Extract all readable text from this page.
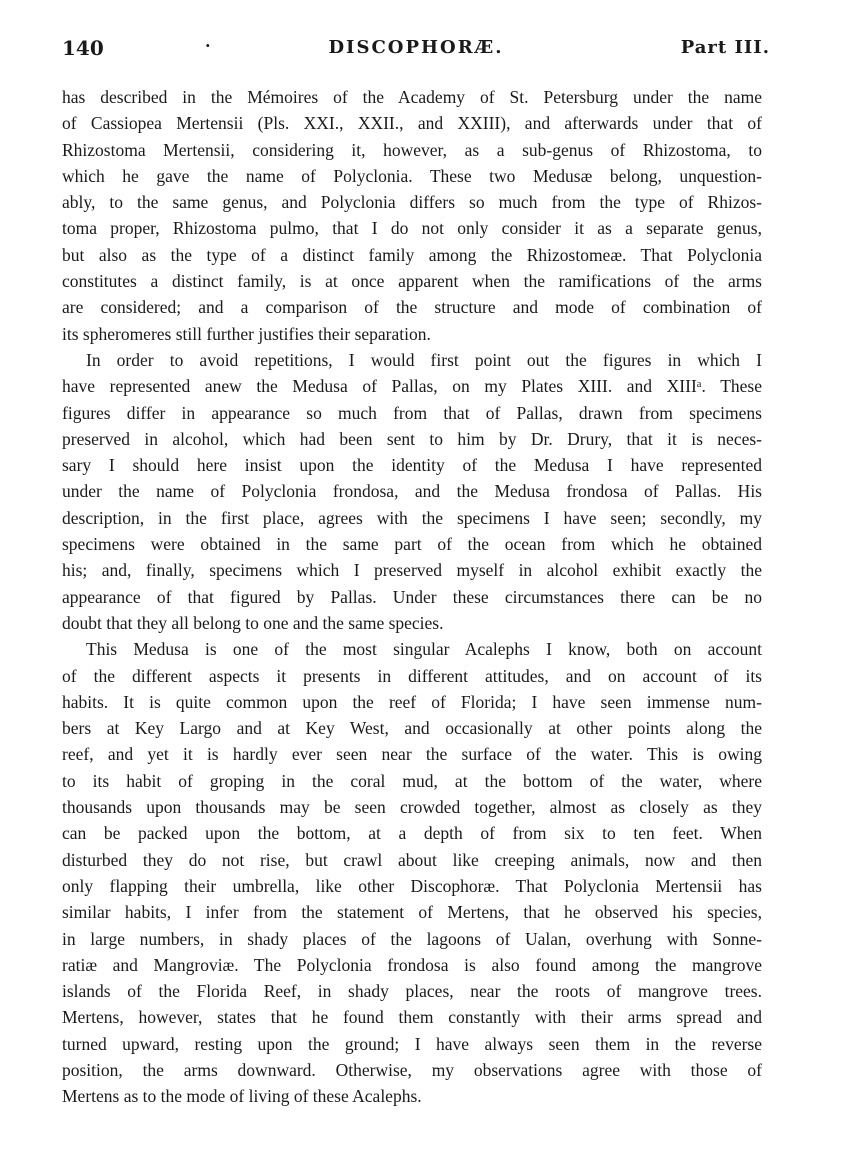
140	·	DISCOPHORÆ.	Part III.
has described in the Mémoires of the Academy of St. Petersburg under the name
of Cassiopea Mertensii (Pls. XXI., XXII., and XXIII), and afterwards under that of
Rhizostoma Mertensii, considering it, however, as a sub-genus of Rhizostoma, to
which he gave the name of Polyclonia. These two Medusæ belong, unquestion-
ably, to the same genus, and Polyclonia differs so much from the type of Rhizos-
toma proper, Rhizostoma pulmo, that I do not only consider it as a separate genus,
but also as the type of a distinct family among the Rhizostomeæ. That Polyclonia
constitutes a distinct family, is at once apparent when the ramifications of the arms
are considered; and a comparison of the structure and mode of combination of
its spheromeres still further justifies their separation.
In order to avoid repetitions, I would first point out the figures in which I
have represented anew the Medusa of Pallas, on my Plates XIII. and XIIIᵃ. These
figures differ in appearance so much from that of Pallas, drawn from specimens
preserved in alcohol, which had been sent to him by Dr. Drury, that it is neces-
sary I should here insist upon the identity of the Medusa I have represented
under the name of Polyclonia frondosa, and the Medusa frondosa of Pallas. His
description, in the first place, agrees with the specimens I have seen; secondly, my
specimens were obtained in the same part of the ocean from which he obtained
his; and, finally, specimens which I preserved myself in alcohol exhibit exactly the
appearance of that figured by Pallas. Under these circumstances there can be no
doubt that they all belong to one and the same species.
This Medusa is one of the most singular Acalephs I know, both on account
of the different aspects it presents in different attitudes, and on account of its
habits. It is quite common upon the reef of Florida; I have seen immense num-
bers at Key Largo and at Key West, and occasionally at other points along the
reef, and yet it is hardly ever seen near the surface of the water. This is owing
to its habit of groping in the coral mud, at the bottom of the water, where
thousands upon thousands may be seen crowded together, almost as closely as they
can be packed upon the bottom, at a depth of from six to ten feet. When
disturbed they do not rise, but crawl about like creeping animals, now and then
only flapping their umbrella, like other Discophoræ. That Polyclonia Mertensii has
similar habits, I infer from the statement of Mertens, that he observed his species,
in large numbers, in shady places of the lagoons of Ualan, overhung with Sonne-
ratiæ and Mangroviæ. The Polyclonia frondosa is also found among the mangrove
islands of the Florida Reef, in shady places, near the roots of mangrove trees.
Mertens, however, states that he found them constantly with their arms spread and
turned upward, resting upon the ground; I have always seen them in the reverse
position, the arms downward. Otherwise, my observations agree with those of
Mertens as to the mode of living of these Acalephs.
